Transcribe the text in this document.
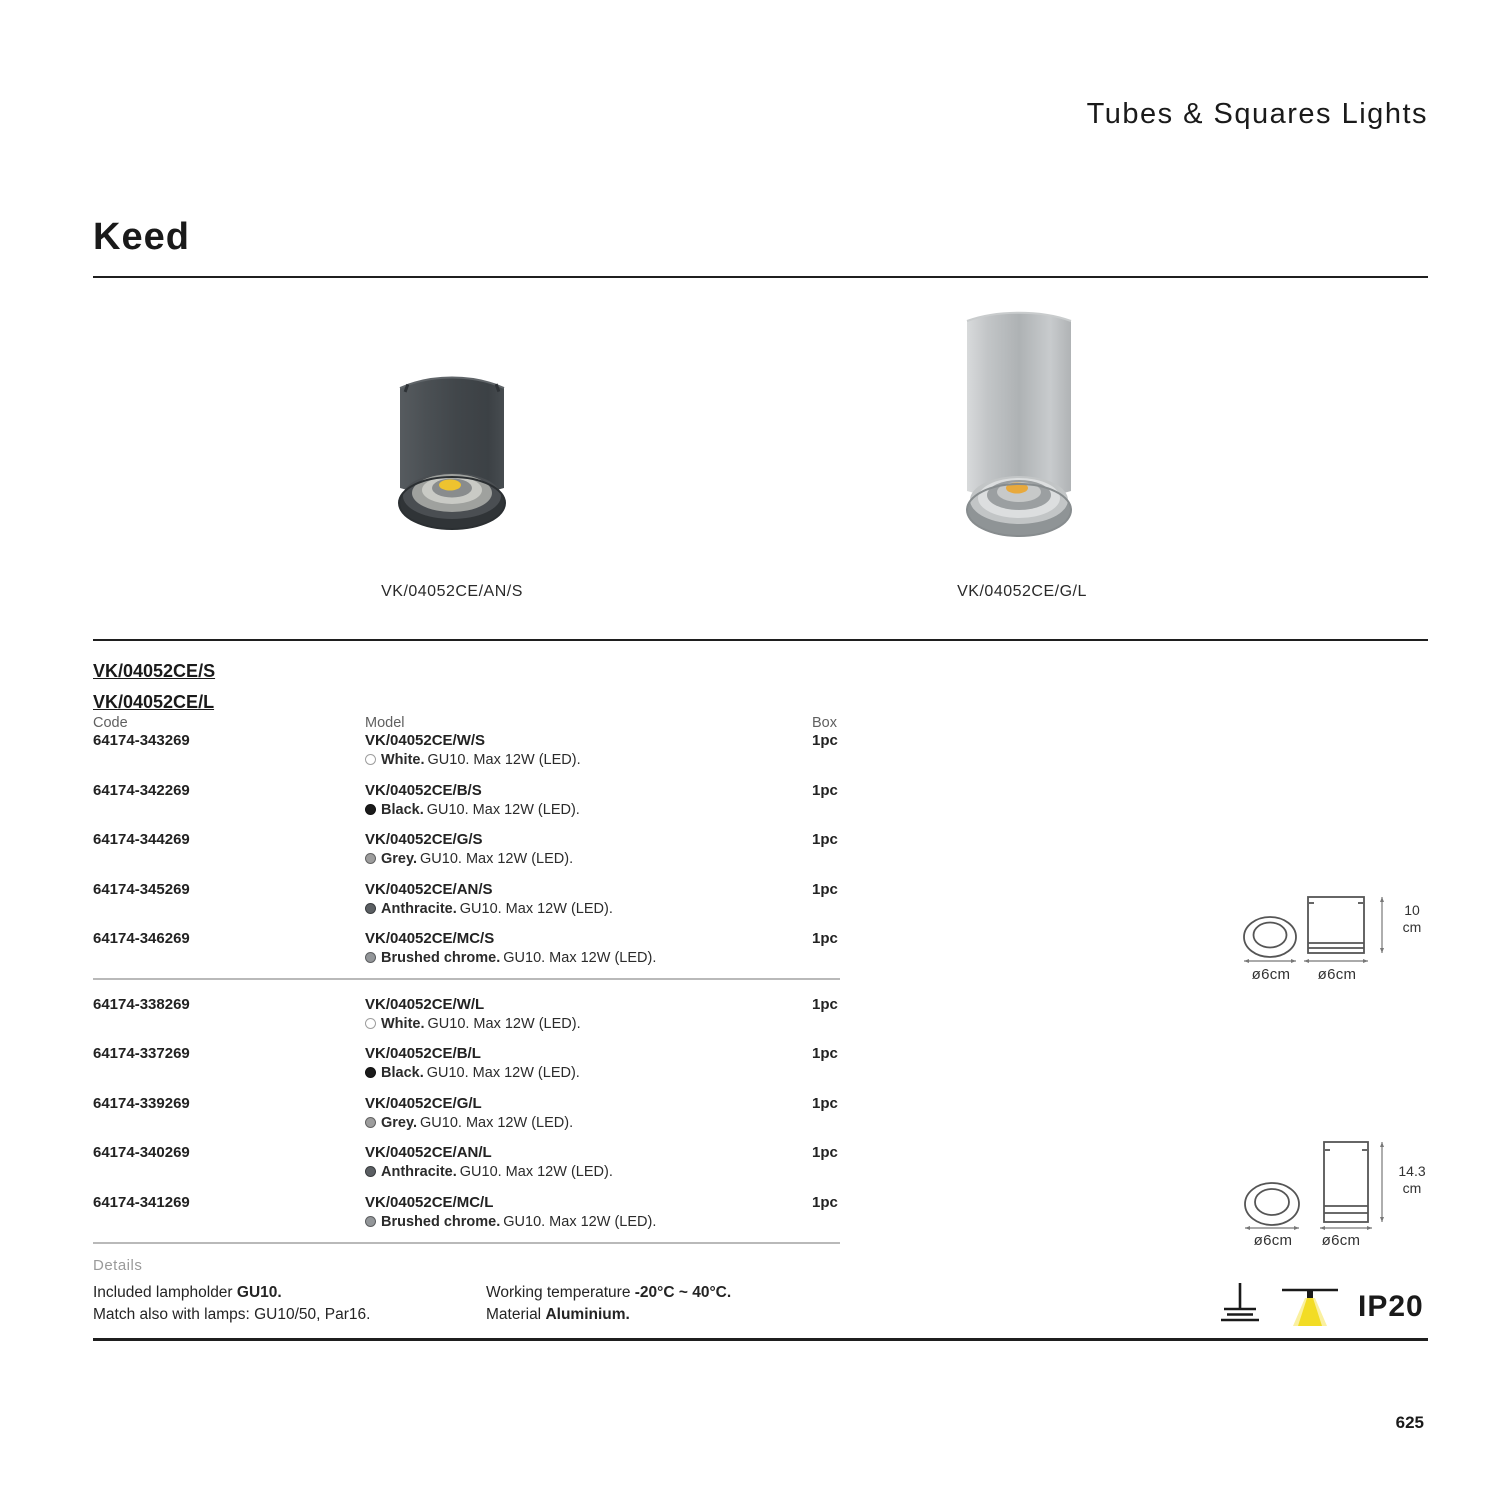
Tubes & Squares Lights
Keed
VK/04052CE/AN/S	VK/04052CE/G/L
VK/04052CE/S
VK/04052CE/L
Code	Model	Box
64174-343269	VK/04052CE/W/S
White. GU10. Max 12W (LED).
1pc
64174-342269	VK/04052CE/B/S
Black. GU10. Max 12W (LED).
1pc
64174-344269	VK/04052CE/G/S
Grey. GU10. Max 12W (LED).
1pc
64174-345269	VK/04052CE/AN/S
Anthracite. GU10. Max 12W (LED).
1pc
64174-346269	VK/04052CE/MC/S
Brushed chrome. GU10. Max 12W (LED).
1pc
64174-338269	VK/04052CE/W/L
White. GU10. Max 12W (LED).
1pc
64174-337269	VK/04052CE/B/L
Black. GU10. Max 12W (LED).
1pc
64174-339269	VK/04052CE/G/L
Grey. GU10. Max 12W (LED).
1pc
64174-340269	VK/04052CE/AN/L
Anthracite. GU10. Max 12W (LED).
1pc
64174-341269	VK/04052CE/MC/L
Brushed chrome. GU10. Max 12W (LED).
1pc
Details
Included lampholder GU10.
Match also with lamps: GU10/50, Par16.
Working temperature -20°C ~ 40°C.
Material Aluminium.
ø6cm	ø6cm
10
cm
ø6cm	ø6cm
14.3
cm
IP20
625
